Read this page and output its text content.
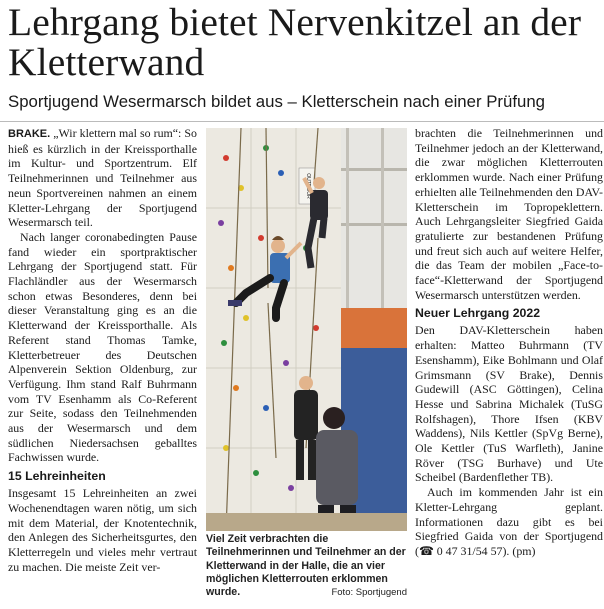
Lehrgang bietet Nervenkitzel an der Kletterwand

Sportjugend Wesermarsch bildet aus – Kletterschein nach einer Prüfung

BRAKE. „Wir klettern mal so rum“: So hieß es kürzlich in der Kreissporthalle im Kultur- und Sportzentrum. Elf Teilnehmerinnen und Teilnehmer aus neun Sportvereinen nahmen an einem Kletter-Lehrgang der Sportjugend Wesermarsch teil.

Nach langer coronabedingten Pause fand wieder ein sportpraktischer Lehrgang der Sportjugend statt. Für Flachländler aus der Wesermarsch schon etwas Besonderes, denn bei dieser Veranstaltung ging es an die Kletterwand der Kreissporthalle. Als Referent stand Thomas Tamke, Kletterbetreuer des Deutschen Alpenverein Sektion Oldenburg, zur Verfügung. Ihm stand Ralf Buhrmann vom TV Esenhamm als Co-Referent zur Seite, sodass den Teilnehmenden aus der Wesermarsch und dem südlichen Niedersachsen geballtes Fachwissen wurde.

15 Lehreinheiten

Insgesamt 15 Lehreinheiten an zwei Wochenendtagen waren nötig, um sich mit dem Material, der Knotentechnik, den Anlegen des Sicherheitsgurtes, den Kletterregeln und vieles mehr vertraut zu machen. Die meiste Zeit ver-

Viel Zeit verbrachten die Teilnehmerinnen und Teilnehmer an der Kletterwand in der Halle, die an vier möglichen Kletterrouten erklommen wurde.	Foto: Sportjugend

brachten die Teilnehmerinnen und Teilnehmer jedoch an der Kletterwand, die zwar möglichen Kletterrouten erklommen wurde. Nach einer Prüfung erhielten alle Teilnehmenden den DAV-Kletterschein im Topropeklettern. Auch Lehrgangsleiter Siegfried Gaida gratulierte zur bestandenen Prüfung und freut sich auch auf weitere Helfer, die das Team der mobilen „Face-to-face“-Kletterwand der Sportjugend Wesermarsch unterstützen werden.

Neuer Lehrgang 2022

Den DAV-Kletterschein haben erhalten: Matteo Buhrmann (TV Esenshamm), Eike Bohlmann und Olaf Grimsmann (SV Brake), Dennis Gudewill (ASC Göttingen), Celina Hesse und Sabrina Michalek (TuSG Rolfshagen), Thore Ifsen (KBV Waddens), Nils Kettler (SpVg Berne), Ole Kettler (TuS Warfleth), Janine Röver (TSG Burhave) und Ute Scheibel (Bardenflether TB).

Auch im kommenden Jahr ist ein Kletter-Lehrgang geplant. Informationen dazu gibt es bei Siegfried Gaida von der Sportjugend (☎ 0 47 31/54 57). (pm)
